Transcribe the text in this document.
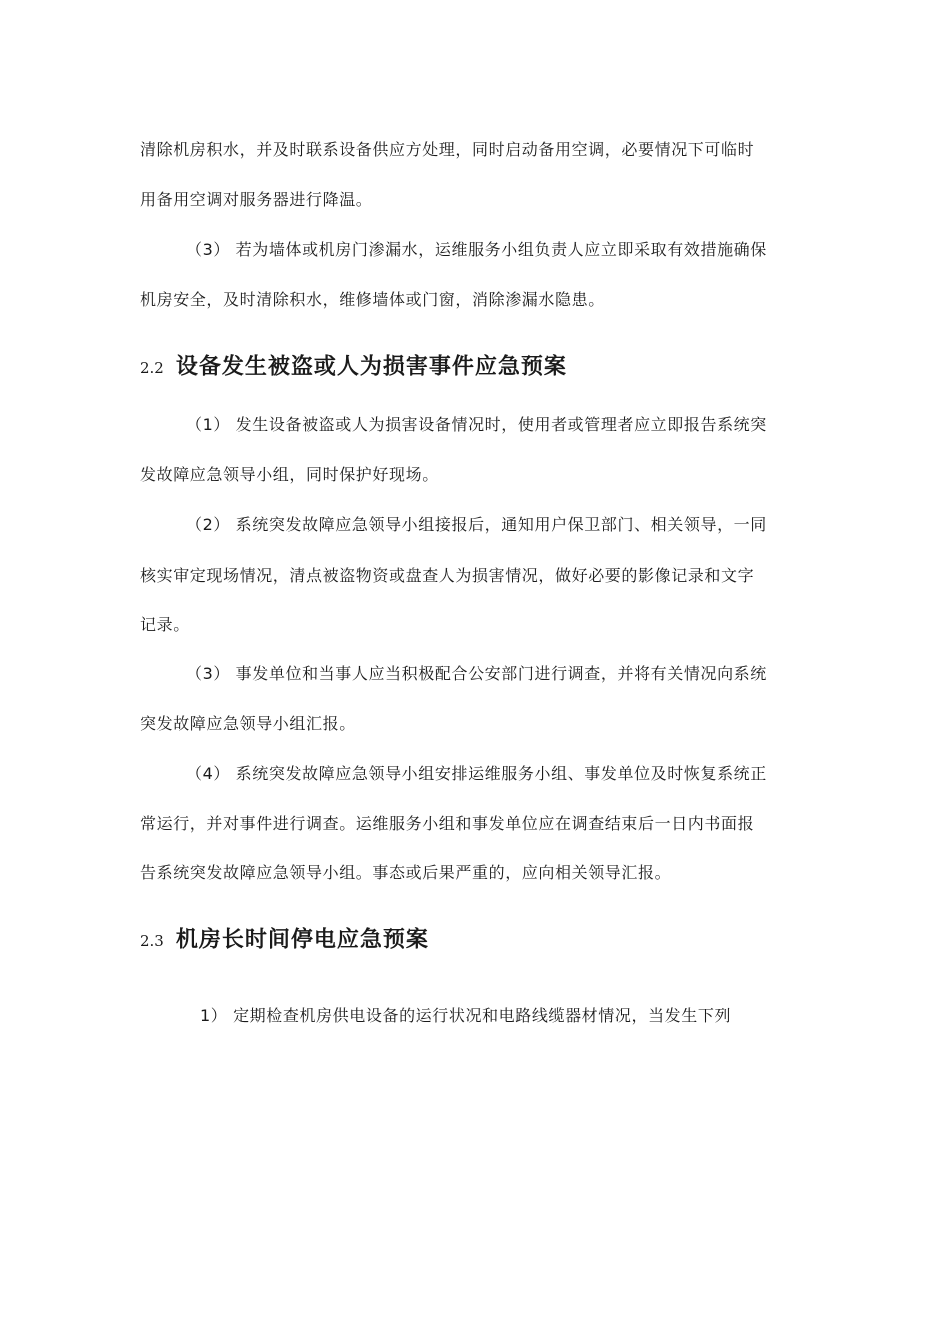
清除机房积水，并及时联系设备供应方处理，同时启动备用空调，必要情况下可临时
用备用空调对服务器进行降温。
（3） 若为墙体或机房门渗漏水，运维服务小组负责人应立即采取有效措施确保
机房安全，及时清除积水，维修墙体或门窗，消除渗漏水隐患。
2.2 设备发生被盗或人为损害事件应急预案
（1） 发生设备被盗或人为损害设备情况时，使用者或管理者应立即报告系统突
发故障应急领导小组，同时保护好现场。
（2） 系统突发故障应急领导小组接报后，通知用户保卫部门、相关领导，一同
核实审定现场情况，清点被盗物资或盘查人为损害情况，做好必要的影像记录和文字
记录。
（3） 事发单位和当事人应当积极配合公安部门进行调查，并将有关情况向系统
突发故障应急领导小组汇报。
（4） 系统突发故障应急领导小组安排运维服务小组、事发单位及时恢复系统正
常运行，并对事件进行调查。运维服务小组和事发单位应在调查结束后一日内书面报
告系统突发故障应急领导小组。事态或后果严重的，应向相关领导汇报。
2.3 机房长时间停电应急预案
1） 定期检查机房供电设备的运行状况和电路线缆器材情况，当发生下列
